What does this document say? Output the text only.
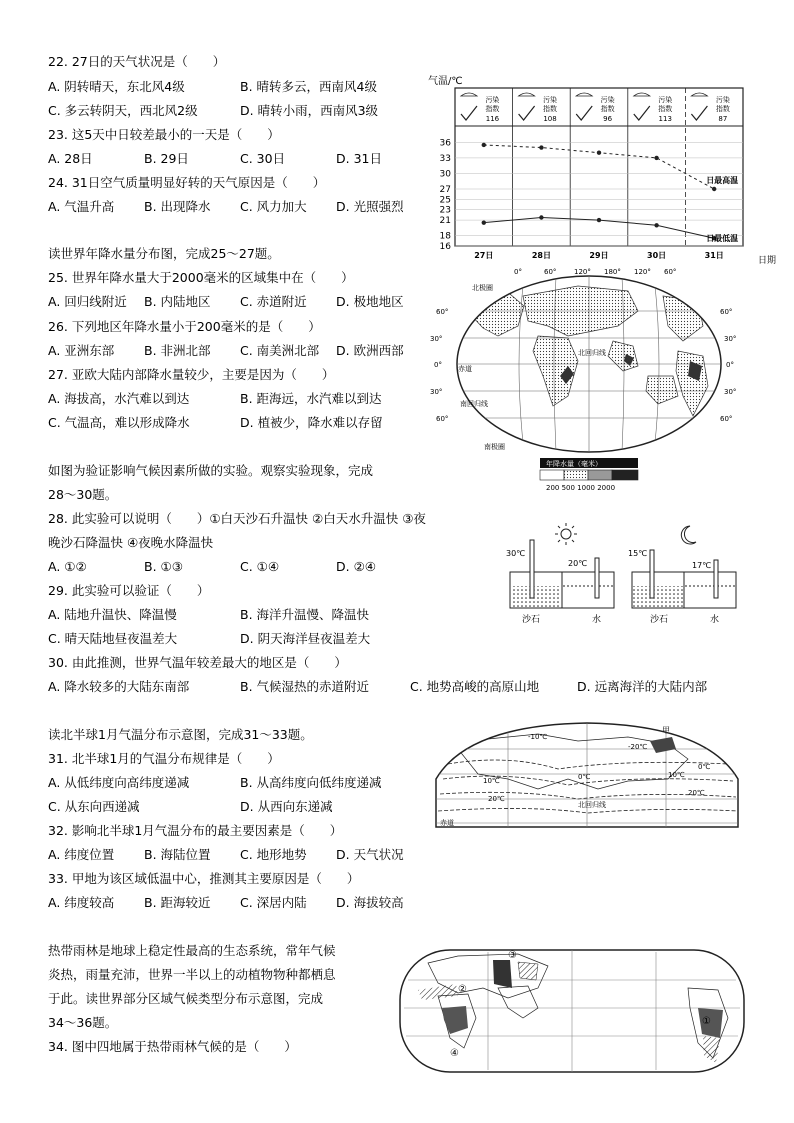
22. 27日的天气状况是（　　）
A. 阴转晴天，东北风4级	B. 晴转多云，西南风4级
C. 多云转阴天，西北风2级	D. 晴转小雨，西南风3级
23. 这5天中日较差最小的一天是（　　）
A. 28日	B. 29日	C. 30日	D. 31日
24. 31日空气质量明显好转的天气原因是（　　）
A. 气温升高 B. 出现降水 C. 风力加大 D. 光照强烈
读世界年降水量分布图，完成25～27题。
25. 世界年降水量大于2000毫米的区域集中在（　　）
A. 回归线附近 B. 内陆地区 C. 赤道附近 D. 极地地区
26. 下列地区年降水量小于200毫米的是（　　）
A. 亚洲东部 B. 非洲北部 C. 南美洲北部 D. 欧洲西部
27. 亚欧大陆内部降水量较少，主要是因为（　　）
A. 海拔高，水汽难以到达	B. 距海远，水汽难以到达
C. 气温高，难以形成降水	D. 植被少，降水难以存留
如图为验证影响气候因素所做的实验。观察实验现象，完成
28～30题。
28. 此实验可以说明（　　）①白天沙石升温快 ②白天水升温快 ③夜
晚沙石降温快 ④夜晚水降温快
A. ①②	B. ①③	C. ①④	D. ②④
29. 此实验可以验证（　　）
A. 陆地升温快、降温慢	B. 海洋升温慢、降温快
C. 晴天陆地昼夜温差大	D. 阴天海洋昼夜温差大
30. 由此推测，世界气温年较差最大的地区是（　　）
A. 降水较多的大陆东南部	B. 气候湿热的赤道附近	C. 地势高峻的高原山地	D. 远离海洋的大陆内部
读北半球1月气温分布示意图，完成31～33题。
31. 北半球1月的气温分布规律是（　　）
A. 从低纬度向高纬度递减	B. 从高纬度向低纬度递减
C. 从东向西递减	D. 从西向东递减
32. 影响北半球1月气温分布的最主要因素是（　　）
A. 纬度位置 B. 海陆位置 C. 地形地势 D. 天气状况
33. 甲地为该区域低温中心，推测其主要原因是（　　）
A. 纬度较高 B. 距海较近 C. 深居内陆 D. 海拔较高
热带雨林是地球上稳定性最高的生态系统，常年气候
炎热，雨量充沛，世界一半以上的动植物物种都栖息
于此。读世界部分区域气候类型分布示意图，完成
34～36题。
34. 图中四地属于热带雨林气候的是（　　）
污染
指数
116
污染
指数
108
污染
指数
96
污染
指数
113
污染
指数
87
16
18
21
23
25
27
30
33
36
27日	28日	29日	30日	31日
日最高温
日最低温
气温/℃
日期
0°	60°	120° 180° 120° 60°
60°
30°
0°
30°
60°
60°
30°
0°
30°
60°
北极圈
北回归线
赤道
南回归线
南极圈
年降水量（毫米）
200 500 1000 2000
30℃
20℃
沙石	水
15℃
17℃
沙石	水
-10℃
-20℃
10℃	0℃
20℃
10℃
0℃
20℃
甲
北回归线
赤道
③
②
①
④
